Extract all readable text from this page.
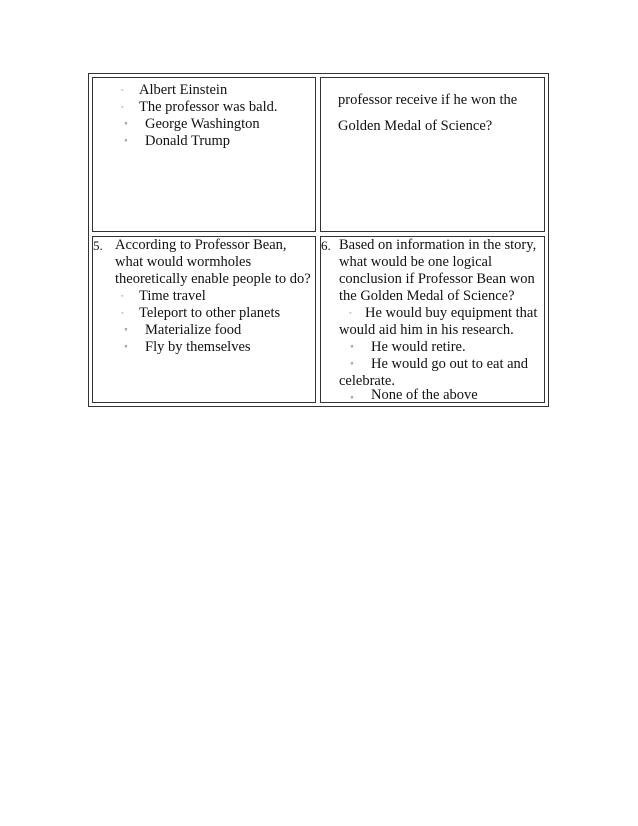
◦ Albert Einstein
◦ The professor was bald.
⚬ George Washington
⚬ Donald Trump
professor receive if he won the
Golden Medal of Science?
5. According to Professor Bean,
what would wormholes
theoretically enable people to do?
◦ Time travel
◦ Teleport to other planets
⚬ Materialize food
⚬ Fly by themselves
6. Based on information in the story,
what would be one logical
conclusion if Professor Bean won
the Golden Medal of Science?
◦ He would buy equipment that
would aid him in his research.
⚬ He would retire.
⚬ He would go out to eat and
celebrate.
⚬ None of the above
